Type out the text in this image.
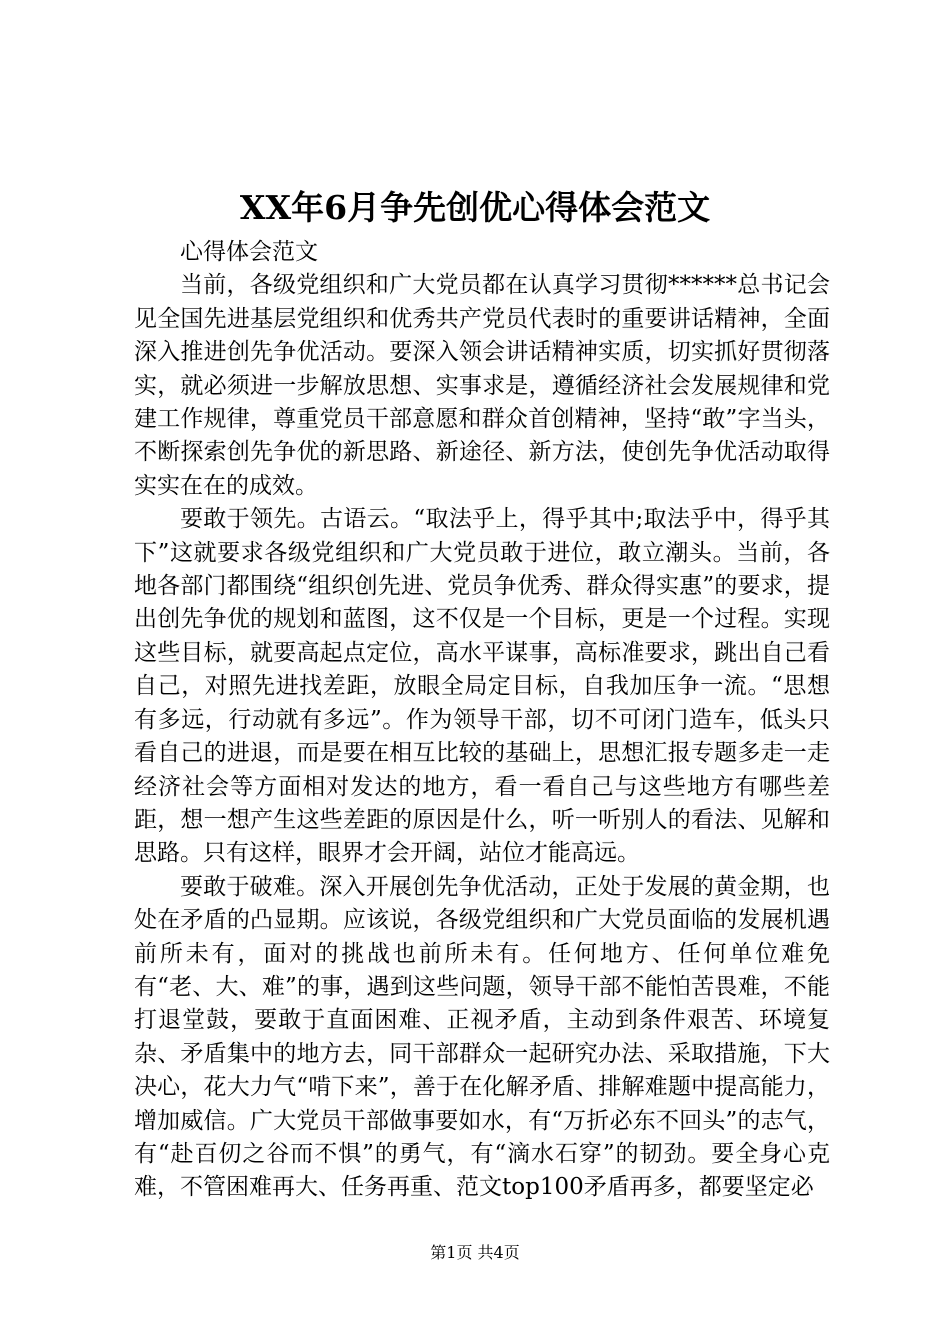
XX年6月争先创优心得体会范文

心得体会范文

当前，各级党组织和广大党员都在认真学习贯彻******总书记会见全国先进基层党组织和优秀共产党员代表时的重要讲话精神，全面深入推进创先争优活动。要深入领会讲话精神实质，切实抓好贯彻落实，就必须进一步解放思想、实事求是，遵循经济社会发展规律和党建工作规律，尊重党员干部意愿和群众首创精神，坚持“敢”字当头，不断探索创先争优的新思路、新途径、新方法，使创先争优活动取得实实在在的成效。

要敢于领先。古语云。“取法乎上，得乎其中;取法乎中，得乎其下”这就要求各级党组织和广大党员敢于进位，敢立潮头。当前，各地各部门都围绕“组织创先进、党员争优秀、群众得实惠”的要求，提出创先争优的规划和蓝图，这不仅是一个目标，更是一个过程。实现这些目标，就要高起点定位，高水平谋事，高标准要求，跳出自己看自己，对照先进找差距，放眼全局定目标，自我加压争一流。“思想有多远，行动就有多远”。作为领导干部，切不可闭门造车，低头只看自己的进退，而是要在相互比较的基础上，思想汇报专题多走一走经济社会等方面相对发达的地方，看一看自己与这些地方有哪些差距，想一想产生这些差距的原因是什么，听一听别人的看法、见解和思路。只有这样，眼界才会开阔，站位才能高远。

要敢于破难。深入开展创先争优活动，正处于发展的黄金期，也处在矛盾的凸显期。应该说，各级党组织和广大党员面临的发展机遇前所未有，面对的挑战也前所未有。任何地方、任何单位难免有“老、大、难”的事，遇到这些问题，领导干部不能怕苦畏难，不能打退堂鼓，要敢于直面困难、正视矛盾，主动到条件艰苦、环境复杂、矛盾集中的地方去，同干部群众一起研究办法、采取措施，下大决心，花大力气“啃下来”，善于在化解矛盾、排解难题中提高能力，增加威信。广大党员干部做事要如水，有“万折必东不回头”的志气，有“赴百仞之谷而不惧”的勇气，有“滴水石穿”的韧劲。要全身心克难，不管困难再大、任务再重、范文top100矛盾再多，都要坚定必

第1页 共4页
